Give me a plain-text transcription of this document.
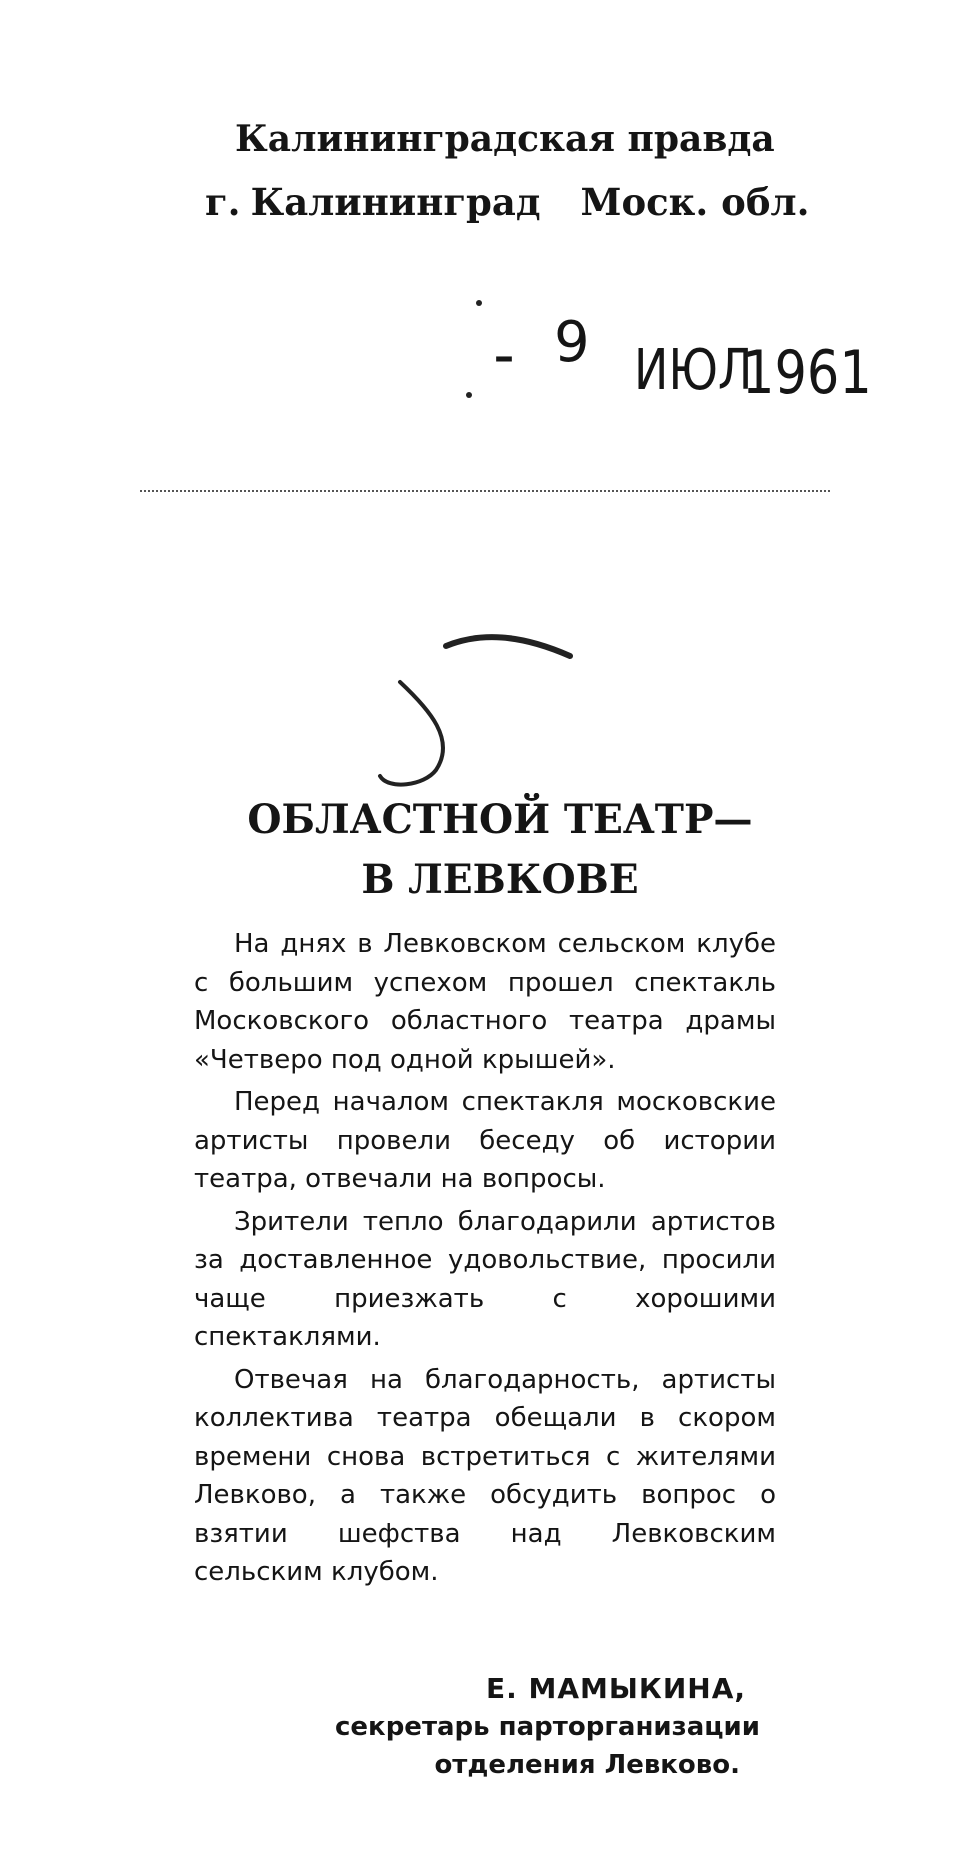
Калининградская правда
г. Калининград Моск. обл.
– 9 ИЮЛ
1961
ОБЛАСТНОЙ ТЕАТР—
В ЛЕВКОВЕ

На днях в Левковском сельском клубе с большим успехом прошел спектакль Московского областного театра драмы «Четверо под одной крышей».

Перед началом спектакля московские артисты провели беседу об истории театра, отвечали на вопросы.

Зрители тепло благодарили артистов за доставленное удовольствие, просили чаще приезжать с хорошими спектаклями.

Отвечая на благодарность, артисты коллектива театра обещали в скором времени снова встретиться с жителями Левково, а также обсудить вопрос о взятии шефства над Левковским сельским клубом.

Е. МАМЫКИНА,
секретарь парторганизации
отделения Левково.
